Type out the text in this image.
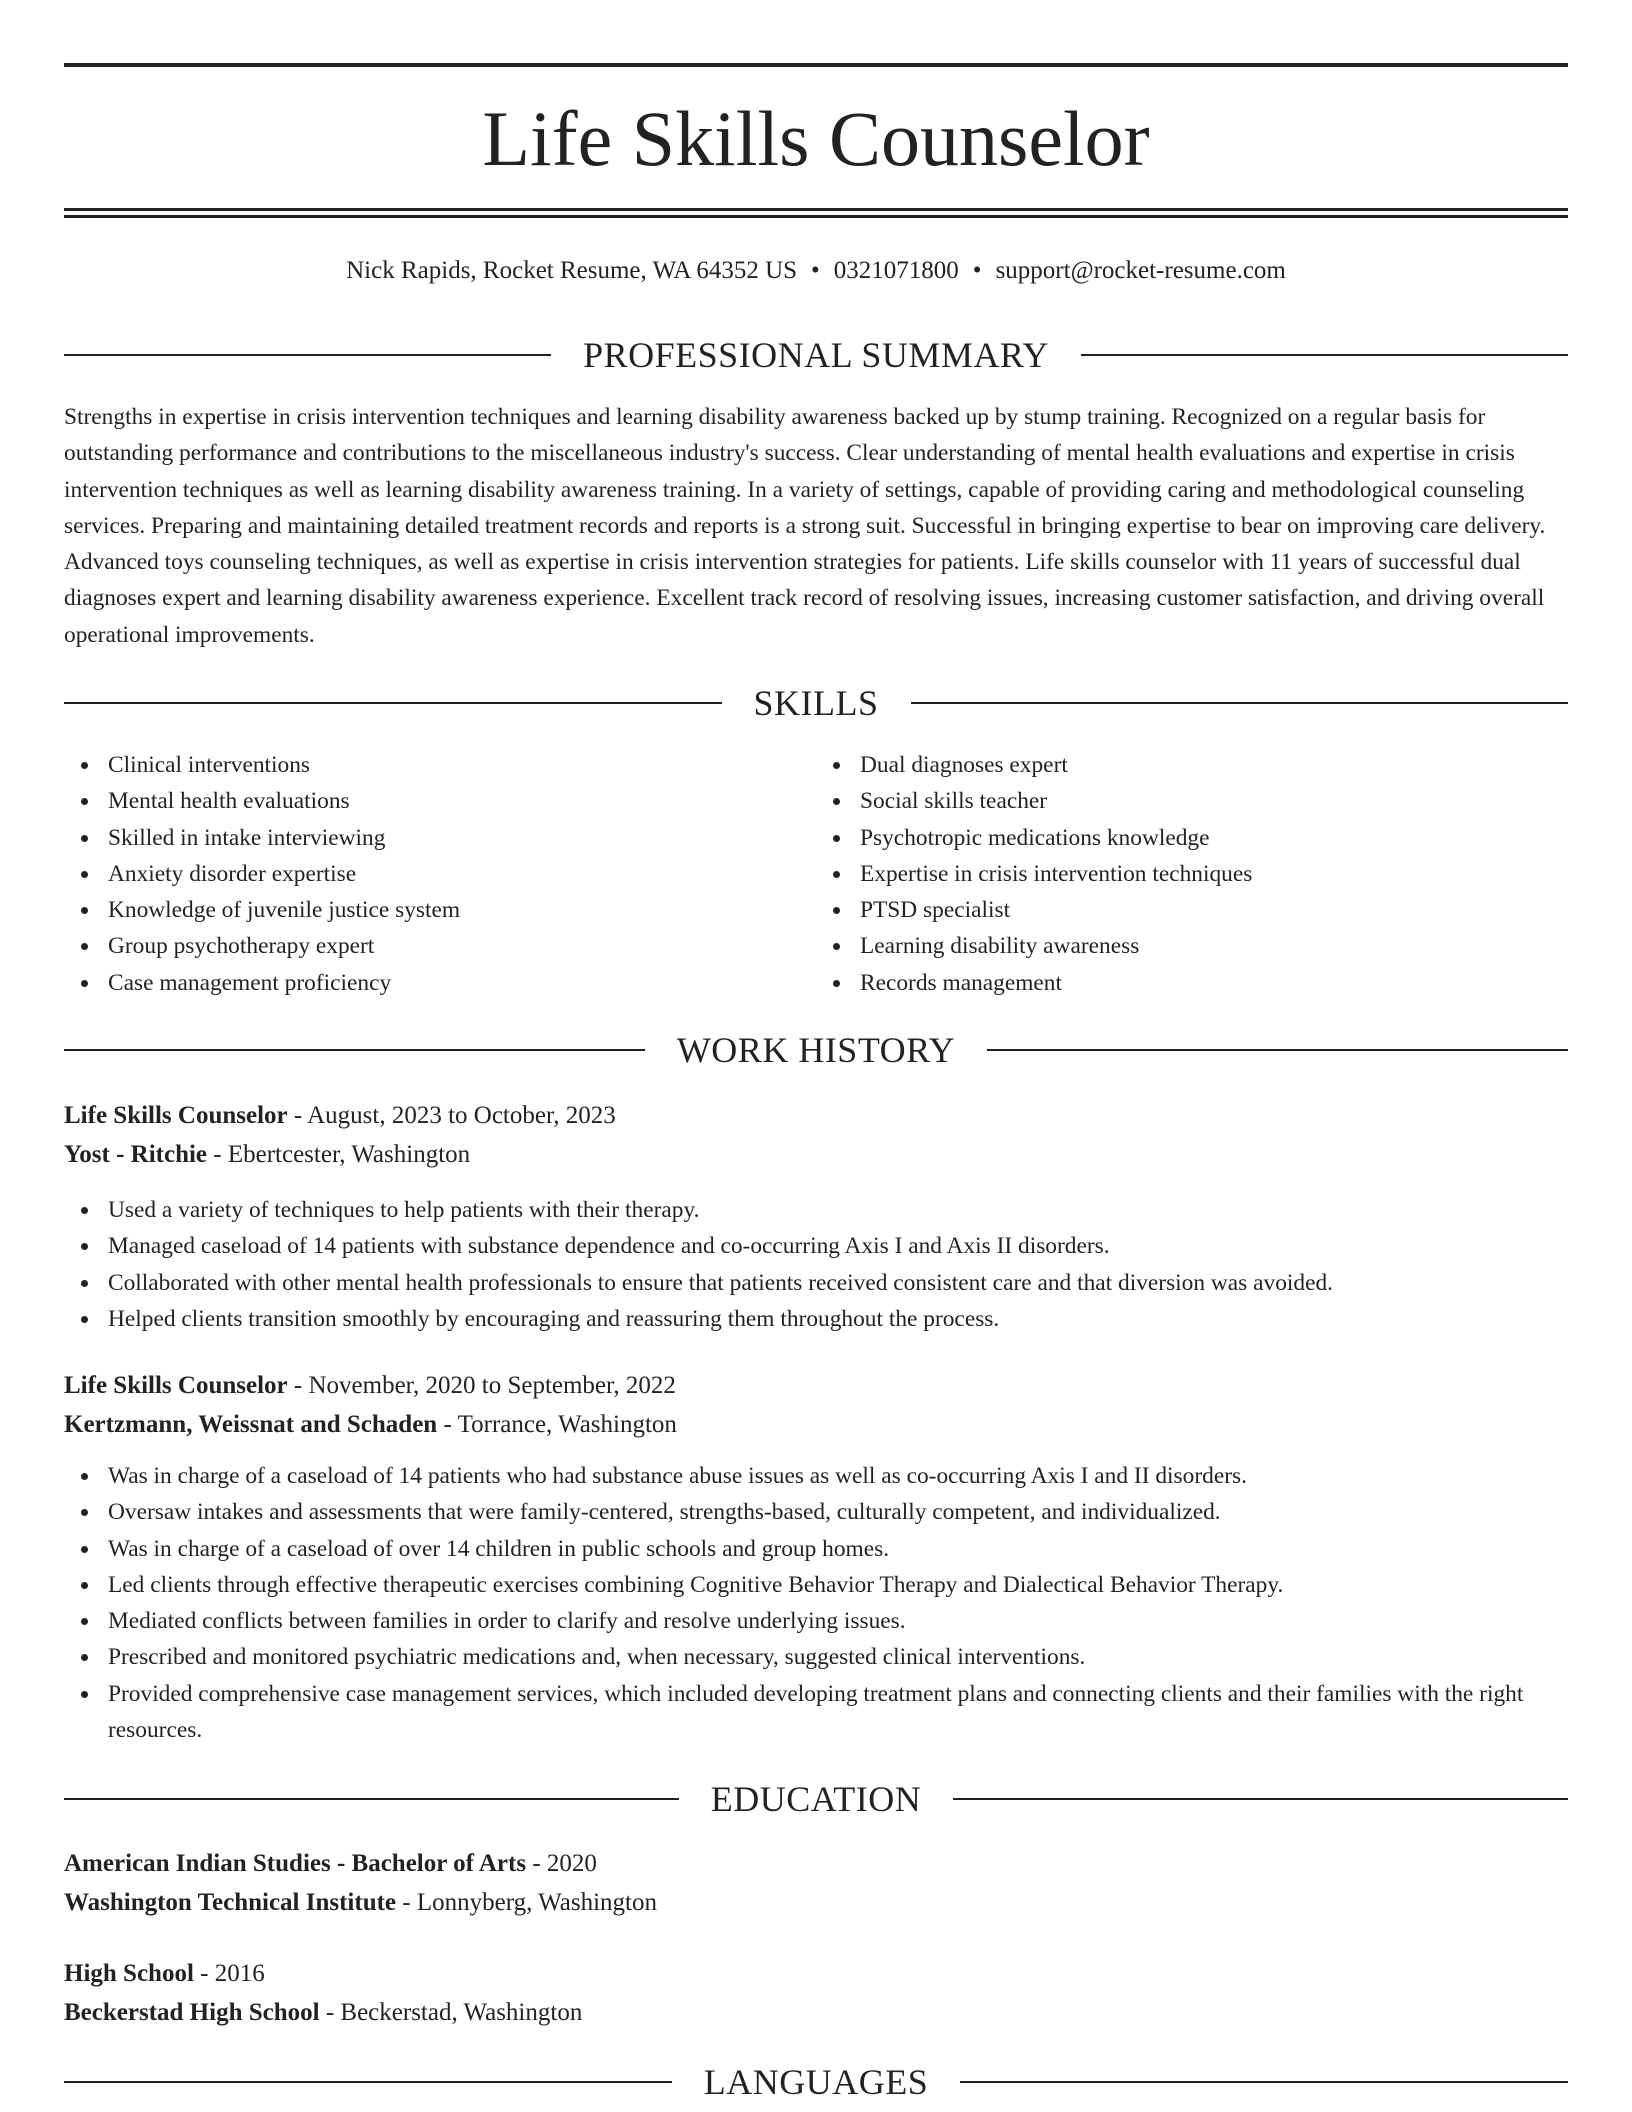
Life Skills Counselor
Nick Rapids, Rocket Resume, WA 64352 US • 0321071800 • support@rocket-resume.com
PROFESSIONAL SUMMARY

Strengths in expertise in crisis intervention techniques and learning disability awareness backed up by stump training. Recognized on a regular basis for outstanding performance and contributions to the miscellaneous industry's success. Clear understanding of mental health evaluations and expertise in crisis intervention techniques as well as learning disability awareness training. In a variety of settings, capable of providing caring and methodological counseling services. Preparing and maintaining detailed treatment records and reports is a strong suit. Successful in bringing expertise to bear on improving care delivery. Advanced toys counseling techniques, as well as expertise in crisis intervention strategies for patients. Life skills counselor with 11 years of successful dual diagnoses expert and learning disability awareness experience. Excellent track record of resolving issues, increasing customer satisfaction, and driving overall operational improvements.

SKILLS
Clinical interventions
Mental health evaluations
Skilled in intake interviewing
Anxiety disorder expertise
Knowledge of juvenile justice system
Group psychotherapy expert
Case management proficiency
Dual diagnoses expert
Social skills teacher
Psychotropic medications knowledge
Expertise in crisis intervention techniques
PTSD specialist
Learning disability awareness
Records management
WORK HISTORY
Life Skills Counselor - August, 2023 to October, 2023
Yost - Ritchie - Ebertcester, Washington
Used a variety of techniques to help patients with their therapy.
Managed caseload of 14 patients with substance dependence and co-occurring Axis I and Axis II disorders.
Collaborated with other mental health professionals to ensure that patients received consistent care and that diversion was avoided.
Helped clients transition smoothly by encouraging and reassuring them throughout the process.
Life Skills Counselor - November, 2020 to September, 2022
Kertzmann, Weissnat and Schaden - Torrance, Washington
Was in charge of a caseload of 14 patients who had substance abuse issues as well as co-occurring Axis I and II disorders.
Oversaw intakes and assessments that were family-centered, strengths-based, culturally competent, and individualized.
Was in charge of a caseload of over 14 children in public schools and group homes.
Led clients through effective therapeutic exercises combining Cognitive Behavior Therapy and Dialectical Behavior Therapy.
Mediated conflicts between families in order to clarify and resolve underlying issues.
Prescribed and monitored psychiatric medications and, when necessary, suggested clinical interventions.
Provided comprehensive case management services, which included developing treatment plans and connecting clients and their families with the right resources.
EDUCATION
American Indian Studies - Bachelor of Arts - 2020
Washington Technical Institute - Lonnyberg, Washington
High School - 2016
Beckerstad High School - Beckerstad, Washington
LANGUAGES
